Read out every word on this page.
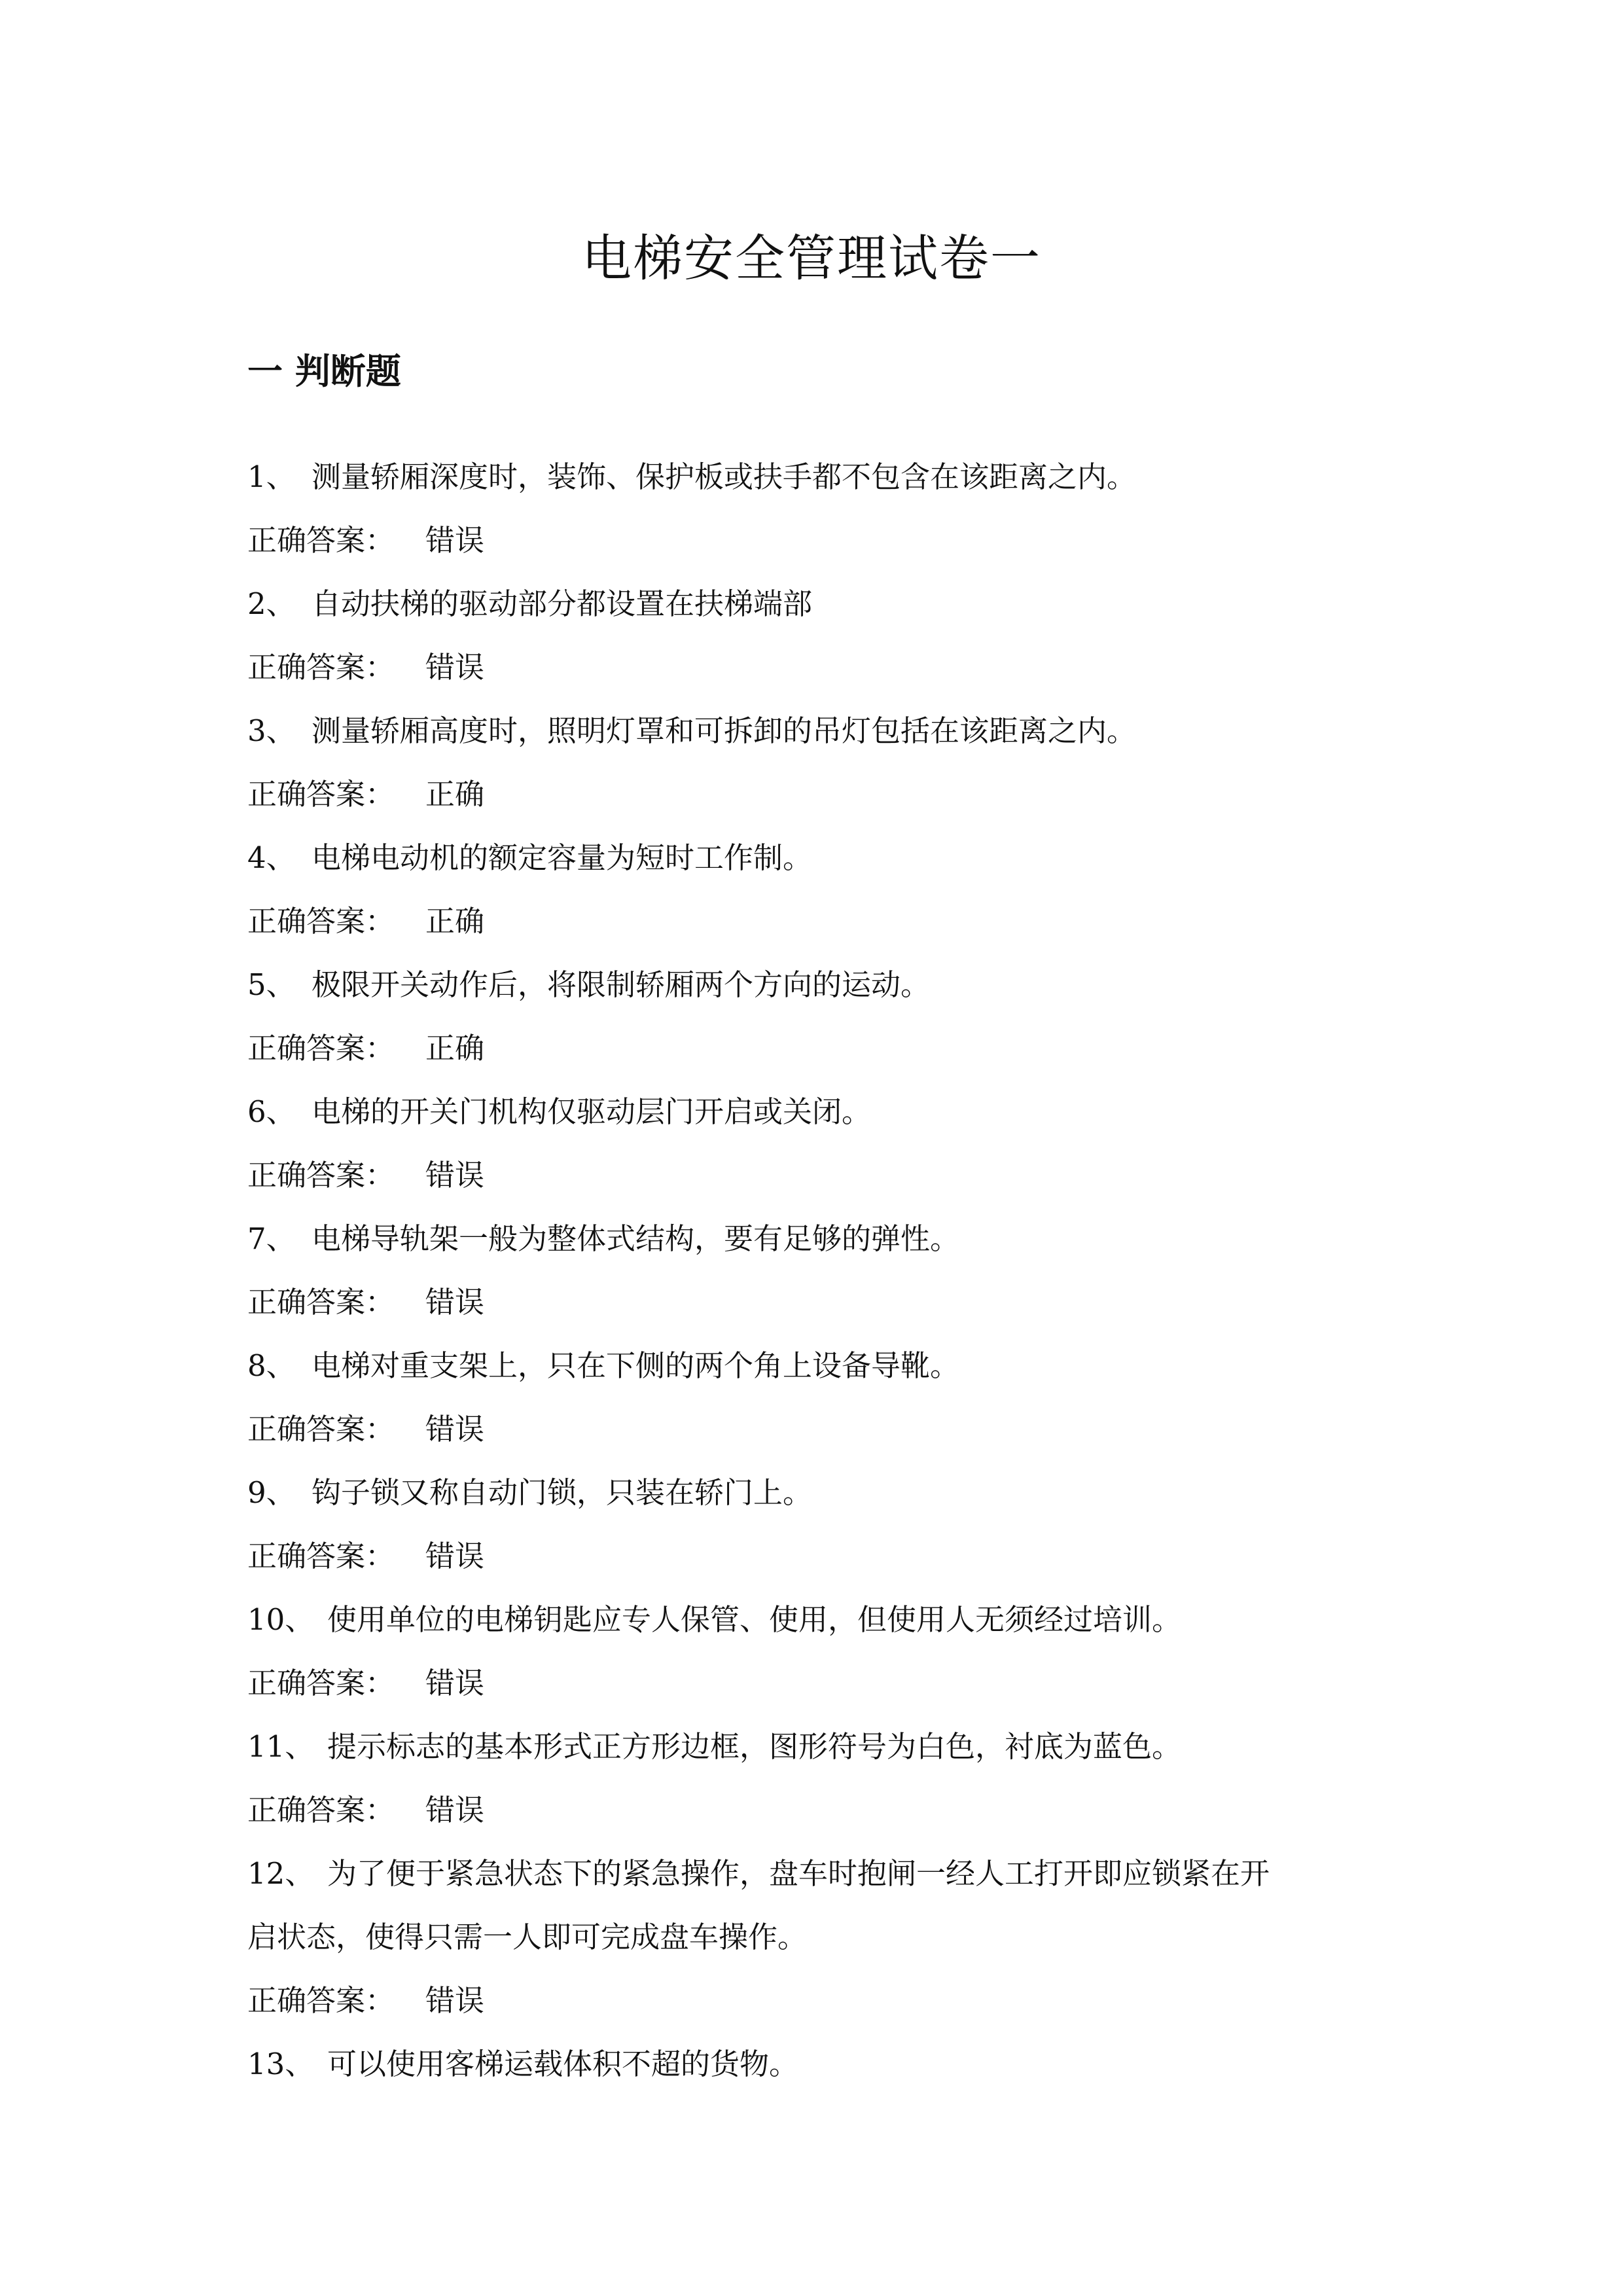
电梯安全管理试卷一
一 判断题
1、 测量轿厢深度时，装饰、保护板或扶手都不包含在该距离之内。
正确答案： 错误
2、 自动扶梯的驱动部分都设置在扶梯端部
正确答案： 错误
3、 测量轿厢高度时，照明灯罩和可拆卸的吊灯包括在该距离之内。
正确答案： 正确
4、 电梯电动机的额定容量为短时工作制。
正确答案： 正确
5、 极限开关动作后，将限制轿厢两个方向的运动。
正确答案： 正确
6、 电梯的开关门机构仅驱动层门开启或关闭。
正确答案： 错误
7、 电梯导轨架一般为整体式结构，要有足够的弹性。
正确答案： 错误
8、 电梯对重支架上，只在下侧的两个角上设备导靴。
正确答案： 错误
9、 钩子锁又称自动门锁，只装在轿门上。
正确答案： 错误
10、 使用单位的电梯钥匙应专人保管、使用，但使用人无须经过培训。
正确答案： 错误
11、 提示标志的基本形式正方形边框，图形符号为白色，衬底为蓝色。
正确答案： 错误
12、 为了便于紧急状态下的紧急操作，盘车时抱闸一经人工打开即应锁紧在开
启状态，使得只需一人即可完成盘车操作。
正确答案： 错误
13、 可以使用客梯运载体积不超的货物。
